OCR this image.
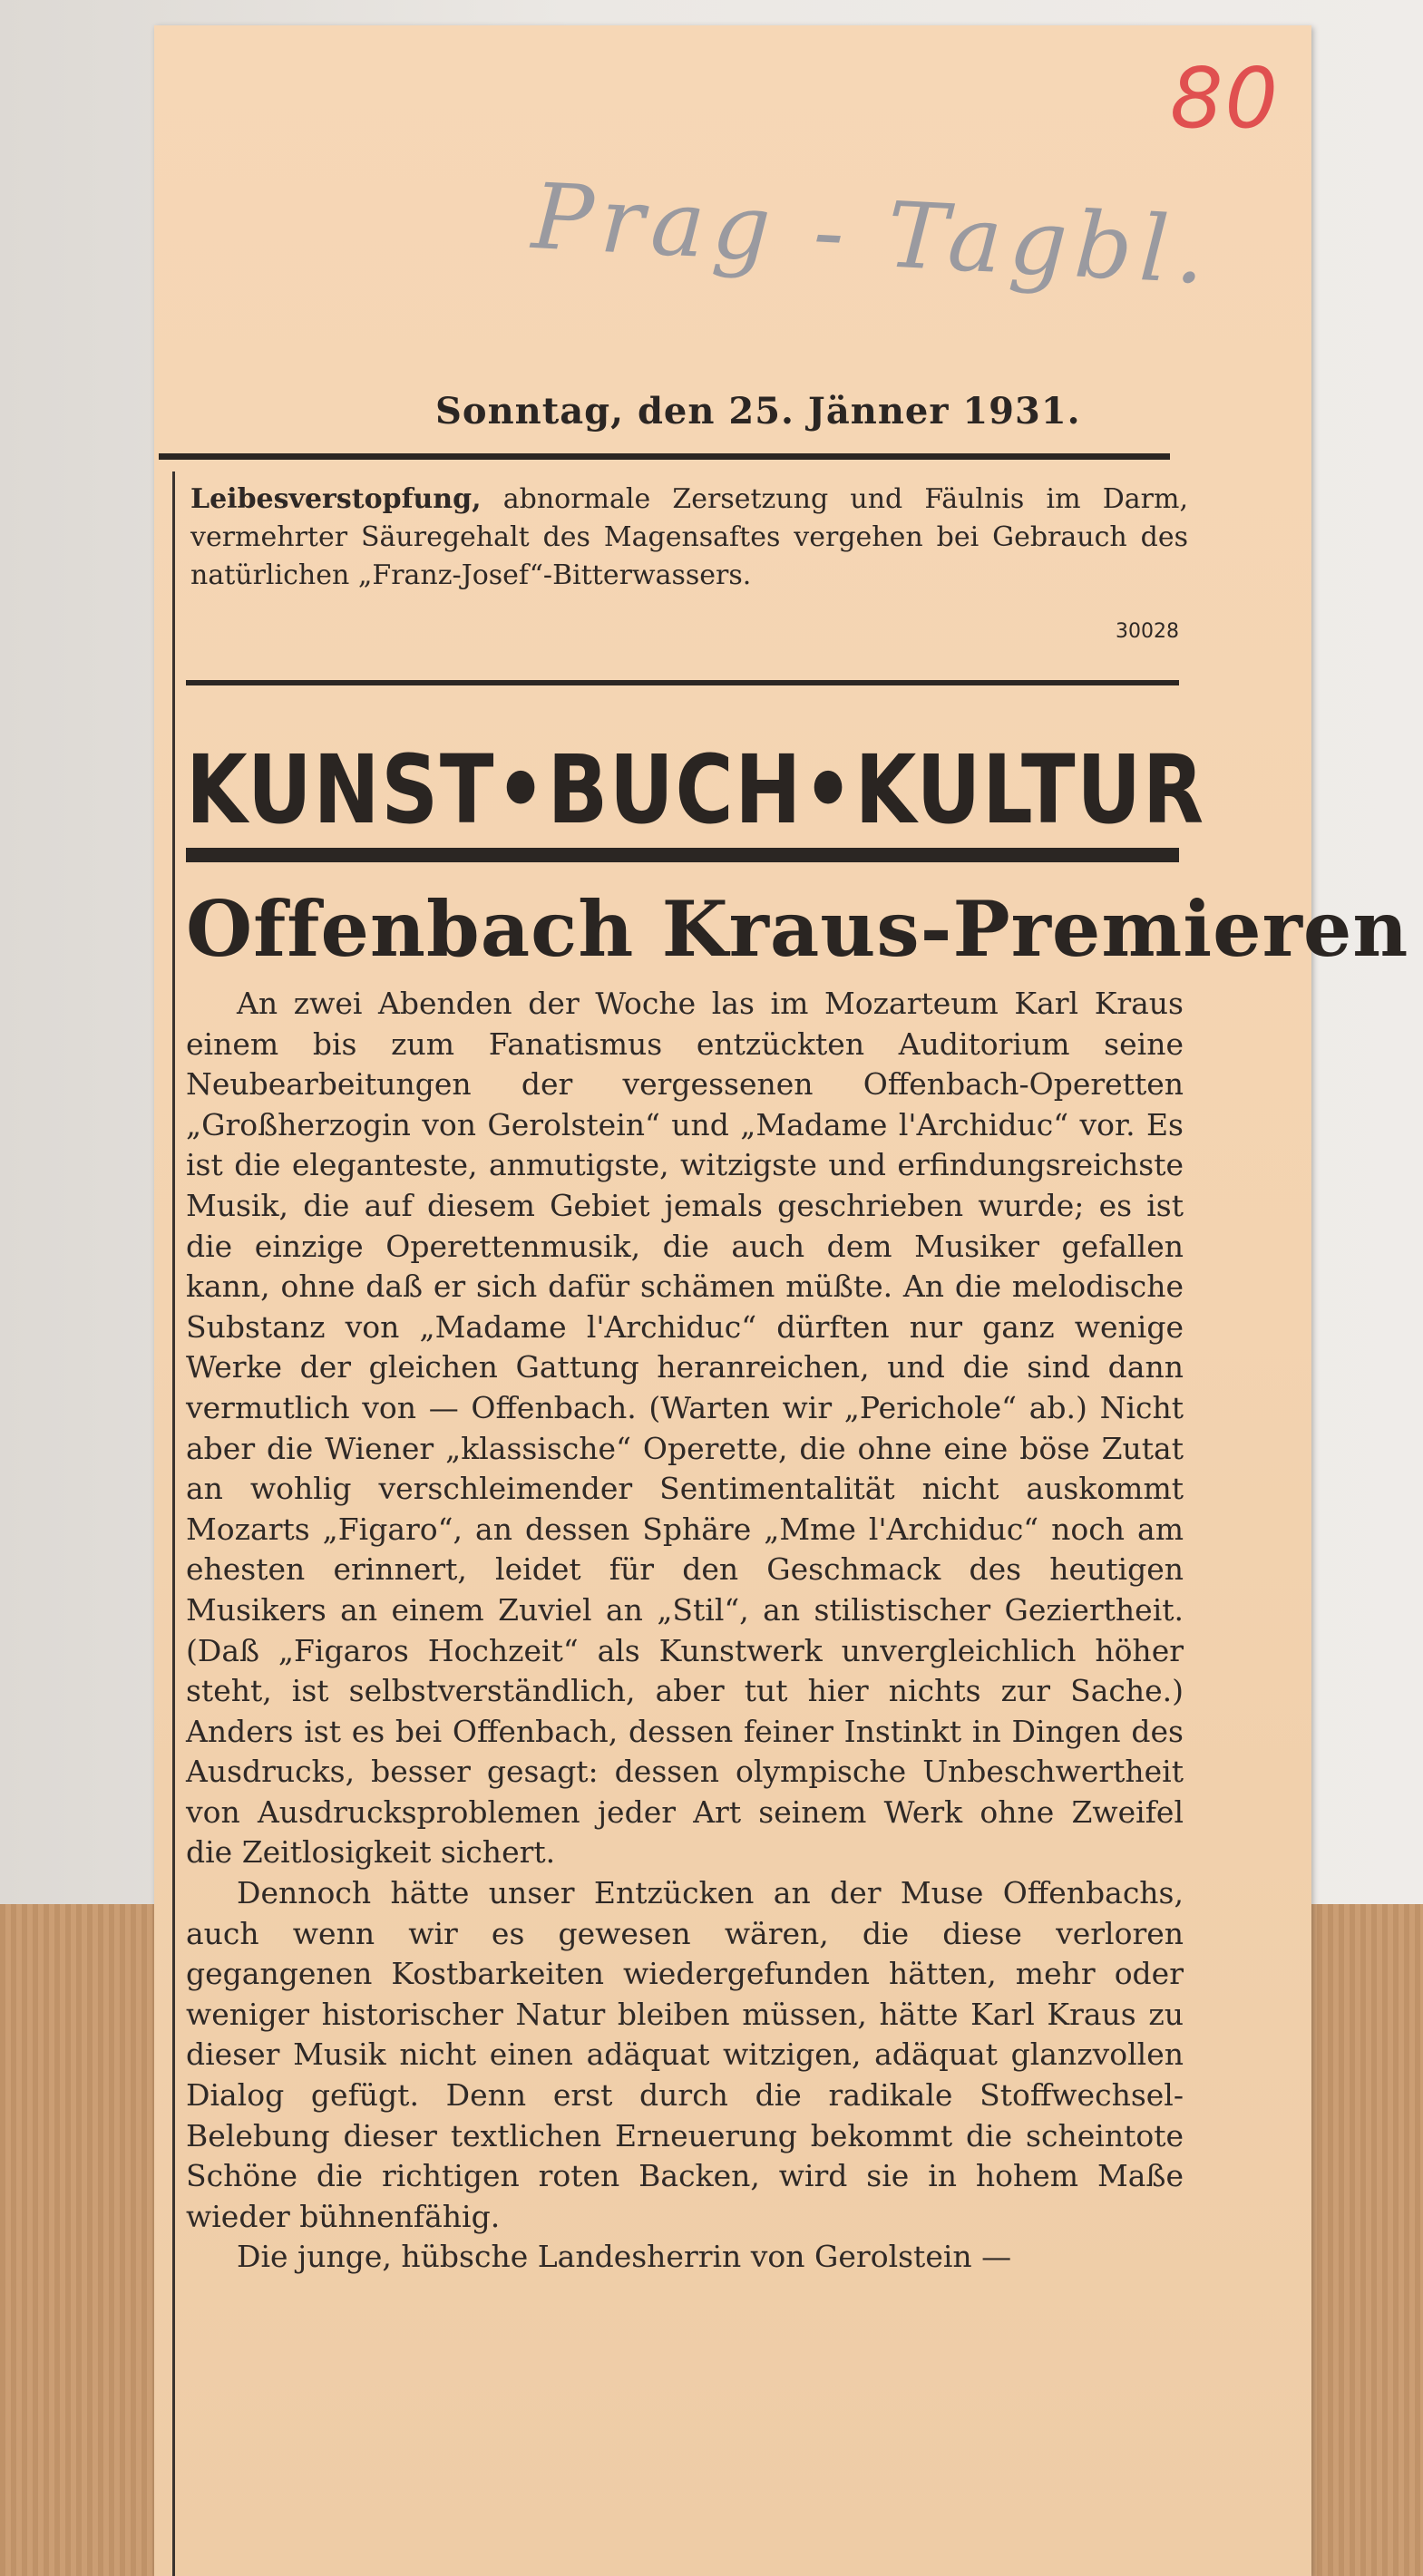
80
Prag - Tagbl.
Sonntag, den 25. Jänner 1931.

Leibesverstopfung, abnormale Zersetzung und Fäulnis im Darm, vermehrter Säuregehalt des Magensaftes vergehen bei Gebrauch des natürlichen „Franz-Josef“-Bitterwassers.

30028
KUNST•BUCH•KULTUR
Offenbach Kraus-Premieren

An zwei Abenden der Woche las im Mozarteum Karl Kraus einem bis zum Fanatismus entzückten Auditorium seine Neubearbeitungen der vergessenen Offenbach-Operetten „Großherzogin von Gerolstein“ und „Madame l'Archiduc“ vor. Es ist die eleganteste, anmutigste, witzigste und erfindungsreichste Musik, die auf diesem Gebiet jemals geschrieben wurde; es ist die einzige Operettenmusik, die auch dem Musiker gefallen kann, ohne daß er sich dafür schämen müßte. An die melodische Substanz von „Madame l'Archiduc“ dürften nur ganz wenige Werke der gleichen Gattung heranreichen, und die sind dann vermutlich von — Offenbach. (Warten wir „Perichole“ ab.) Nicht aber die Wiener „klassische“ Operette, die ohne eine böse Zutat an wohlig verschleimender Sentimentalität nicht auskommt Mozarts „Figaro“, an dessen Sphäre „Mme l'Archiduc“ noch am ehesten erinnert, leidet für den Geschmack des heutigen Musikers an einem Zuviel an „Stil“, an stilistischer Geziertheit. (Daß „Figaros Hochzeit“ als Kunstwerk unvergleichlich höher steht, ist selbstverständlich, aber tut hier nichts zur Sache.) Anders ist es bei Offenbach, dessen feiner Instinkt in Dingen des Ausdrucks, besser gesagt: dessen olympische Unbeschwertheit von Ausdrucksproblemen jeder Art seinem Werk ohne Zweifel die Zeitlosigkeit sichert.

Dennoch hätte unser Entzücken an der Muse Offenbachs, auch wenn wir es gewesen wären, die diese verloren gegangenen Kostbarkeiten wiedergefunden hätten, mehr oder weniger historischer Natur bleiben müssen, hätte Karl Kraus zu dieser Musik nicht einen adäquat witzigen, adäquat glanzvollen Dialog gefügt. Denn erst durch die radikale Stoffwechsel-Belebung dieser textlichen Erneuerung bekommt die scheintote Schöne die richtigen roten Backen, wird sie in hohem Maße wieder bühnenfähig.

Die junge, hübsche Landesherrin von Gerolstein —
